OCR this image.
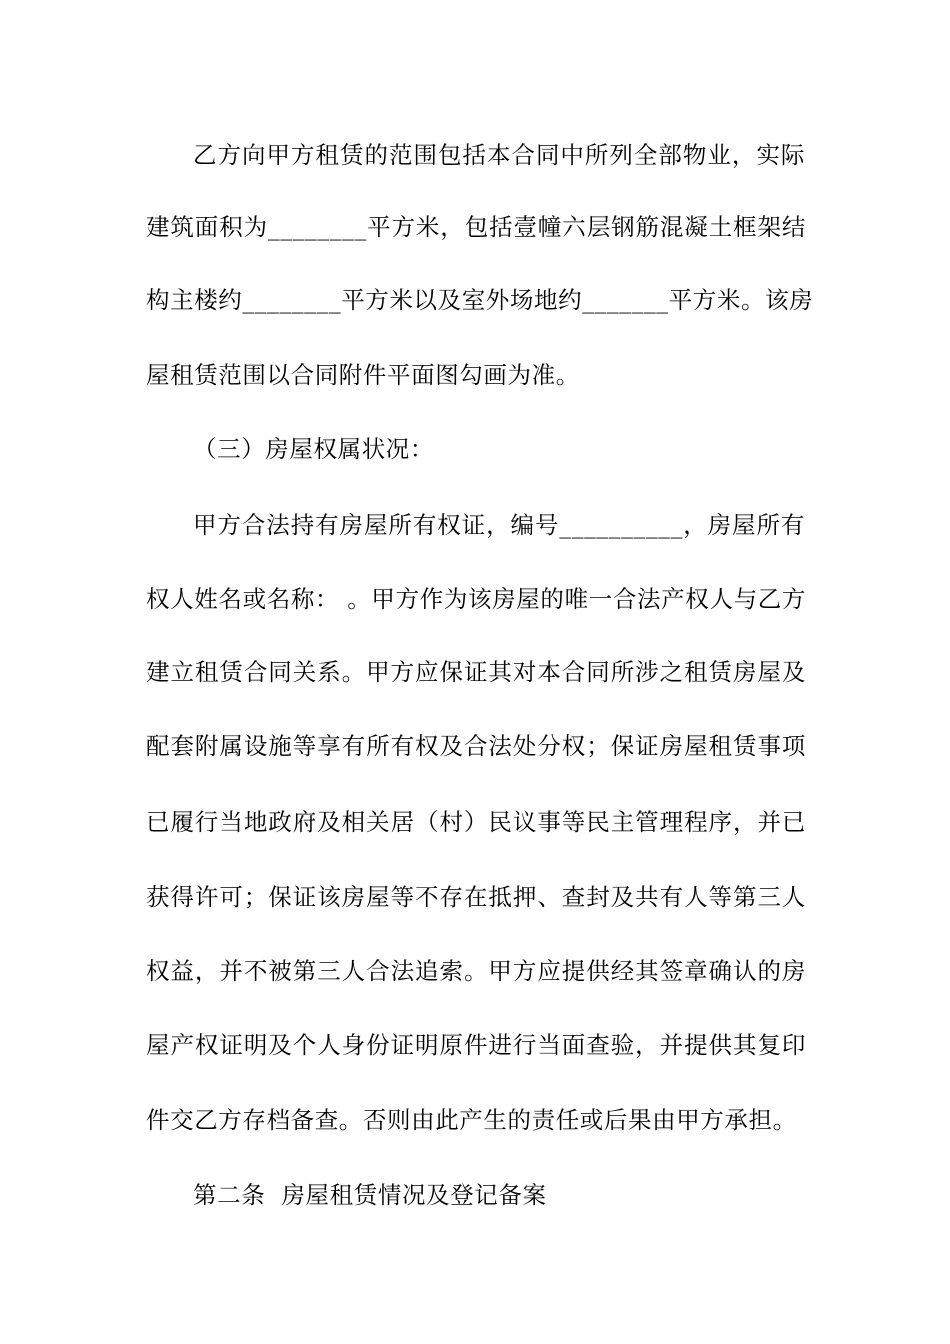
乙方向甲方租赁的范围包括本合同中所列全部物业，实际
建筑面积为________平方米，包括壹幢六层钢筋混凝土框架结
构主楼约________平方米以及室外场地约_______平方米。该房
屋租赁范围以合同附件平面图勾画为准。
（三）房屋权属状况：
甲方合法持有房屋所有权证，编号__________，房屋所有
权人姓名或名称： 。甲方作为该房屋的唯一合法产权人与乙方
建立租赁合同关系。甲方应保证其对本合同所涉之租赁房屋及
配套附属设施等享有所有权及合法处分权；保证房屋租赁事项
已履行当地政府及相关居（村）民议事等民主管理程序，并已
获得许可；保证该房屋等不存在抵押、查封及共有人等第三人
权益，并不被第三人合法追索。甲方应提供经其签章确认的房
屋产权证明及个人身份证明原件进行当面查验，并提供其复印
件交乙方存档备查。否则由此产生的责任或后果由甲方承担。
第二条  房屋租赁情况及登记备案
